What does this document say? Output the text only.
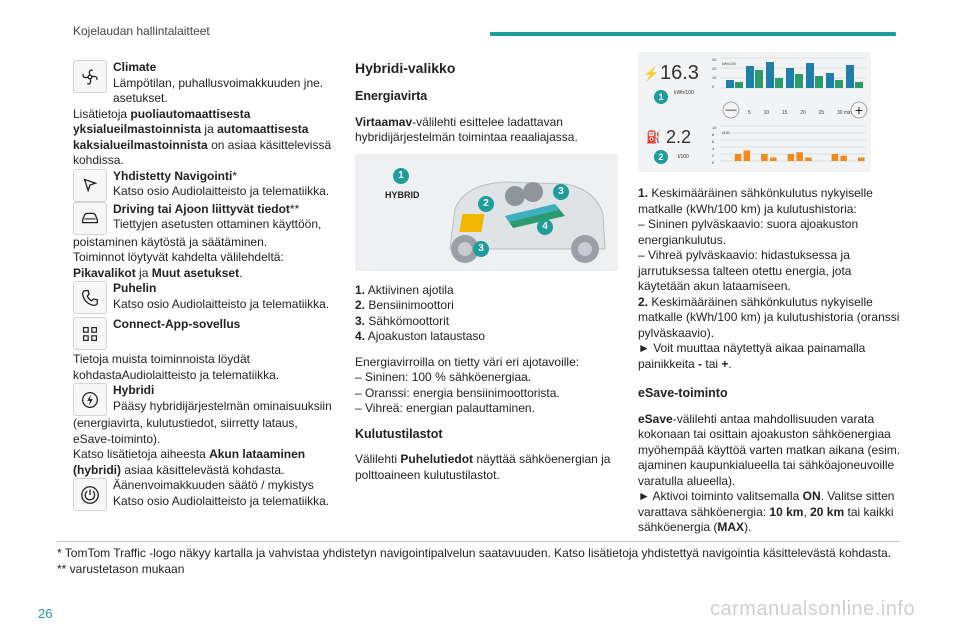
Kojelaudan hallintalaitteet

Climate

Lämpötilan, puhallusvoimakkuuden jne. asetukset.

Lisätietoja puoliautomaattisesta yksialueilmastoinnista ja automaattisesta kaksialueilmastoinnista on asiaa käsittelevissä kohdissa.

Yhdistetty Navigointi*

Katso osio Audiolaitteisto ja telematiikka.

Driving tai Ajoon liittyvät tiedot**

Tiettyjen asetusten ottaminen käyttöön,

poistaminen käytöstä ja säätäminen.

Toiminnot löytyvät kahdelta välilehdeltä:

Pikavalikot ja Muut asetukset.

Puhelin

Katso osio Audiolaitteisto ja telematiikka.

Connect-App-sovellus

Tietoja muista toiminnoista löydät kohdastaAudiolaitteisto ja telematiikka.

Hybridi

Pääsy hybridijärjestelmän ominaisuuksiin

(energiavirta, kulutustiedot, siirretty lataus, eSave-toiminto).

Katso lisätietoja aiheesta Akun lataaminen (hybridi) asiaa käsittelevästä kohdasta.

Äänenvoimakkuuden säätö / mykistys Katso osio Audiolaitteisto ja telematiikka.

Hybridi-valikko
Energiavirta

Virtaamav-välilehti esittelee ladattavan hybridijärjestelmän toimintaa reaaliajassa.

1
HYBRID
2
3
4
3
1. Aktiivinen ajotila
2. Bensiinimoottori
3. Sähkömoottorit
4. Ajoakuston lataustaso

Energiavirroilla on tietty väri eri ajotavoille:

– Sininen: 100 % sähköenergiaa.

– Oranssi: energia bensiinimoottorista.

– Vihreä: energian palauttaminen.

Kulutustilastot

Välilehti Puhelutiedot näyttää sähköenergian ja polttoaineen kulutustilastot.

16.3
kWh/100
1
2.2
l/100
2
⚡
⛽
—	+
5	10	15	20	25	30 min
30
20
10
0
kWh/100
10
8
6
4
2
0
l/100

1. Keskimääräinen sähkönkulutus nykyiselle matkalle (kWh/100 km) ja kulutushistoria:

– Sininen pylväskaavio: suora ajoakuston energiankulutus.

– Vihreä pylväskaavio: hidastuksessa ja jarrutuksessa talteen otettu energia, jota käytetään akun lataamiseen.

2. Keskimääräinen sähkönkulutus nykyiselle matkalle (kWh/100 km) ja kulutushistoria (oranssi pylväskaavio).

► Voit muuttaa näytettyä aikaa painamalla painikkeita - tai +.

eSave-toiminto

eSave-välilehti antaa mahdollisuuden varata kokonaan tai osittain ajoakuston sähköenergiaa myöhempää käyttöä varten matkan aikana (esim. ajaminen kaupunkialueella tai sähköajoneuvoille varatulla alueella).

► Aktivoi toiminto valitsemalla ON. Valitse sitten varattava sähköenergia: 10 km, 20 km tai kaikki sähköenergia (MAX).

* TomTom Traffic -logo näkyy kartalla ja vahvistaa yhdistetyn navigointipalvelun saatavuuden. Katso lisätietoja yhdistettyä navigointia käsittelevästä kohdasta.

** varustetason mukaan

26	carmanualsonline.info
